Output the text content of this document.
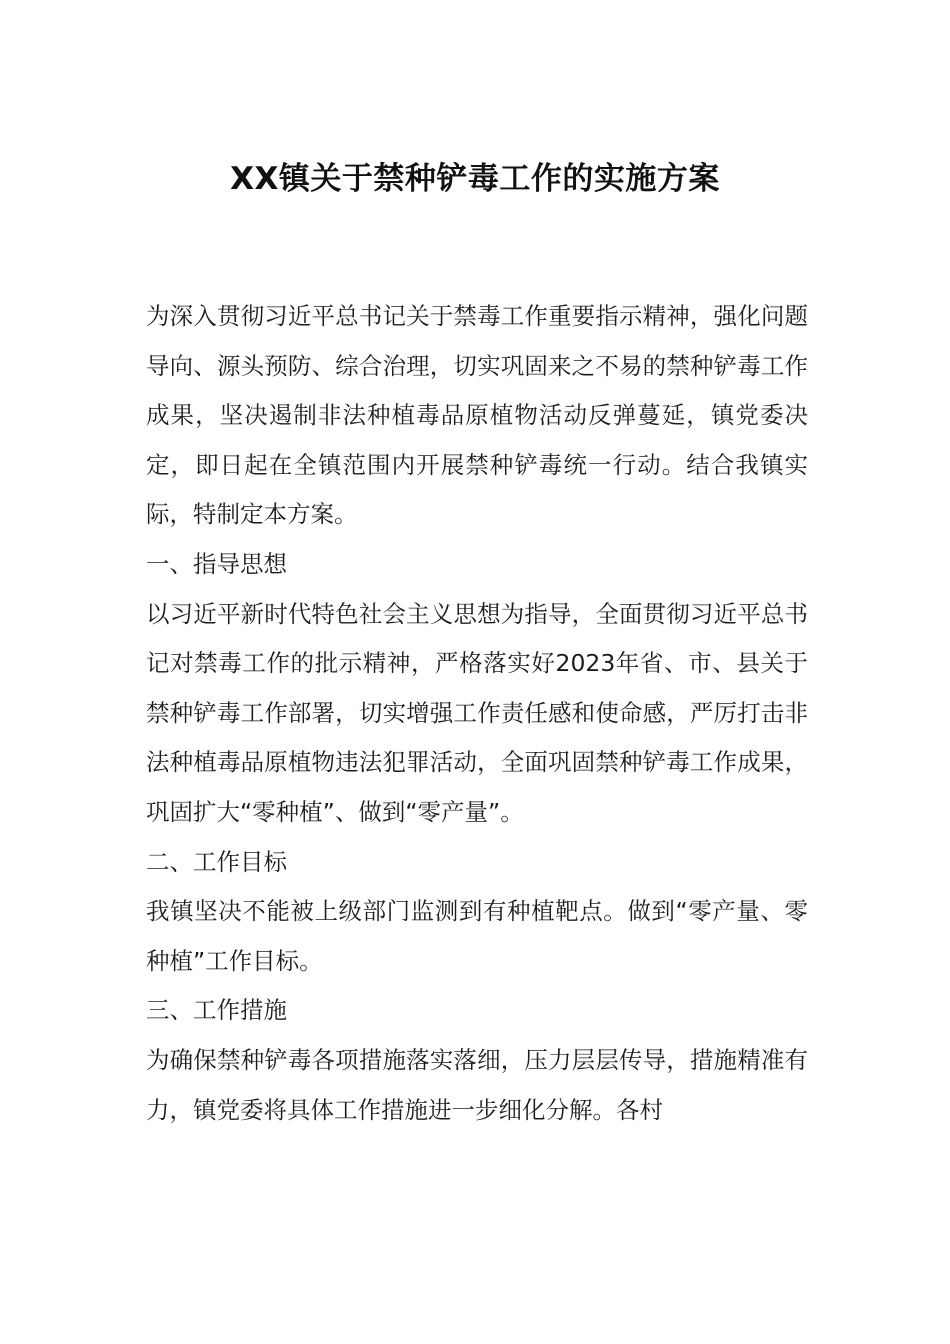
XX镇关于禁种铲毒工作的实施方案

为深入贯彻习近平总书记关于禁毒工作重要指示精神，强化问题导向、源头预防、综合治理，切实巩固来之不易的禁种铲毒工作成果，坚决遏制非法种植毒品原植物活动反弹蔓延，镇党委决定，即日起在全镇范围内开展禁种铲毒统一行动。结合我镇实际，特制定本方案。

一、指导思想

以习近平新时代特色社会主义思想为指导，全面贯彻习近平总书记对禁毒工作的批示精神，严格落实好2023年省、市、县关于禁种铲毒工作部署，切实增强工作责任感和使命感，严厉打击非法种植毒品原植物违法犯罪活动，全面巩固禁种铲毒工作成果，巩固扩大“零种植”、做到“零产量”。

二、工作目标

我镇坚决不能被上级部门监测到有种植靶点。做到“零产量、零种植”工作目标。

三、工作措施

为确保禁种铲毒各项措施落实落细，压力层层传导，措施精准有力，镇党委将具体工作措施进一步细化分解。各村
